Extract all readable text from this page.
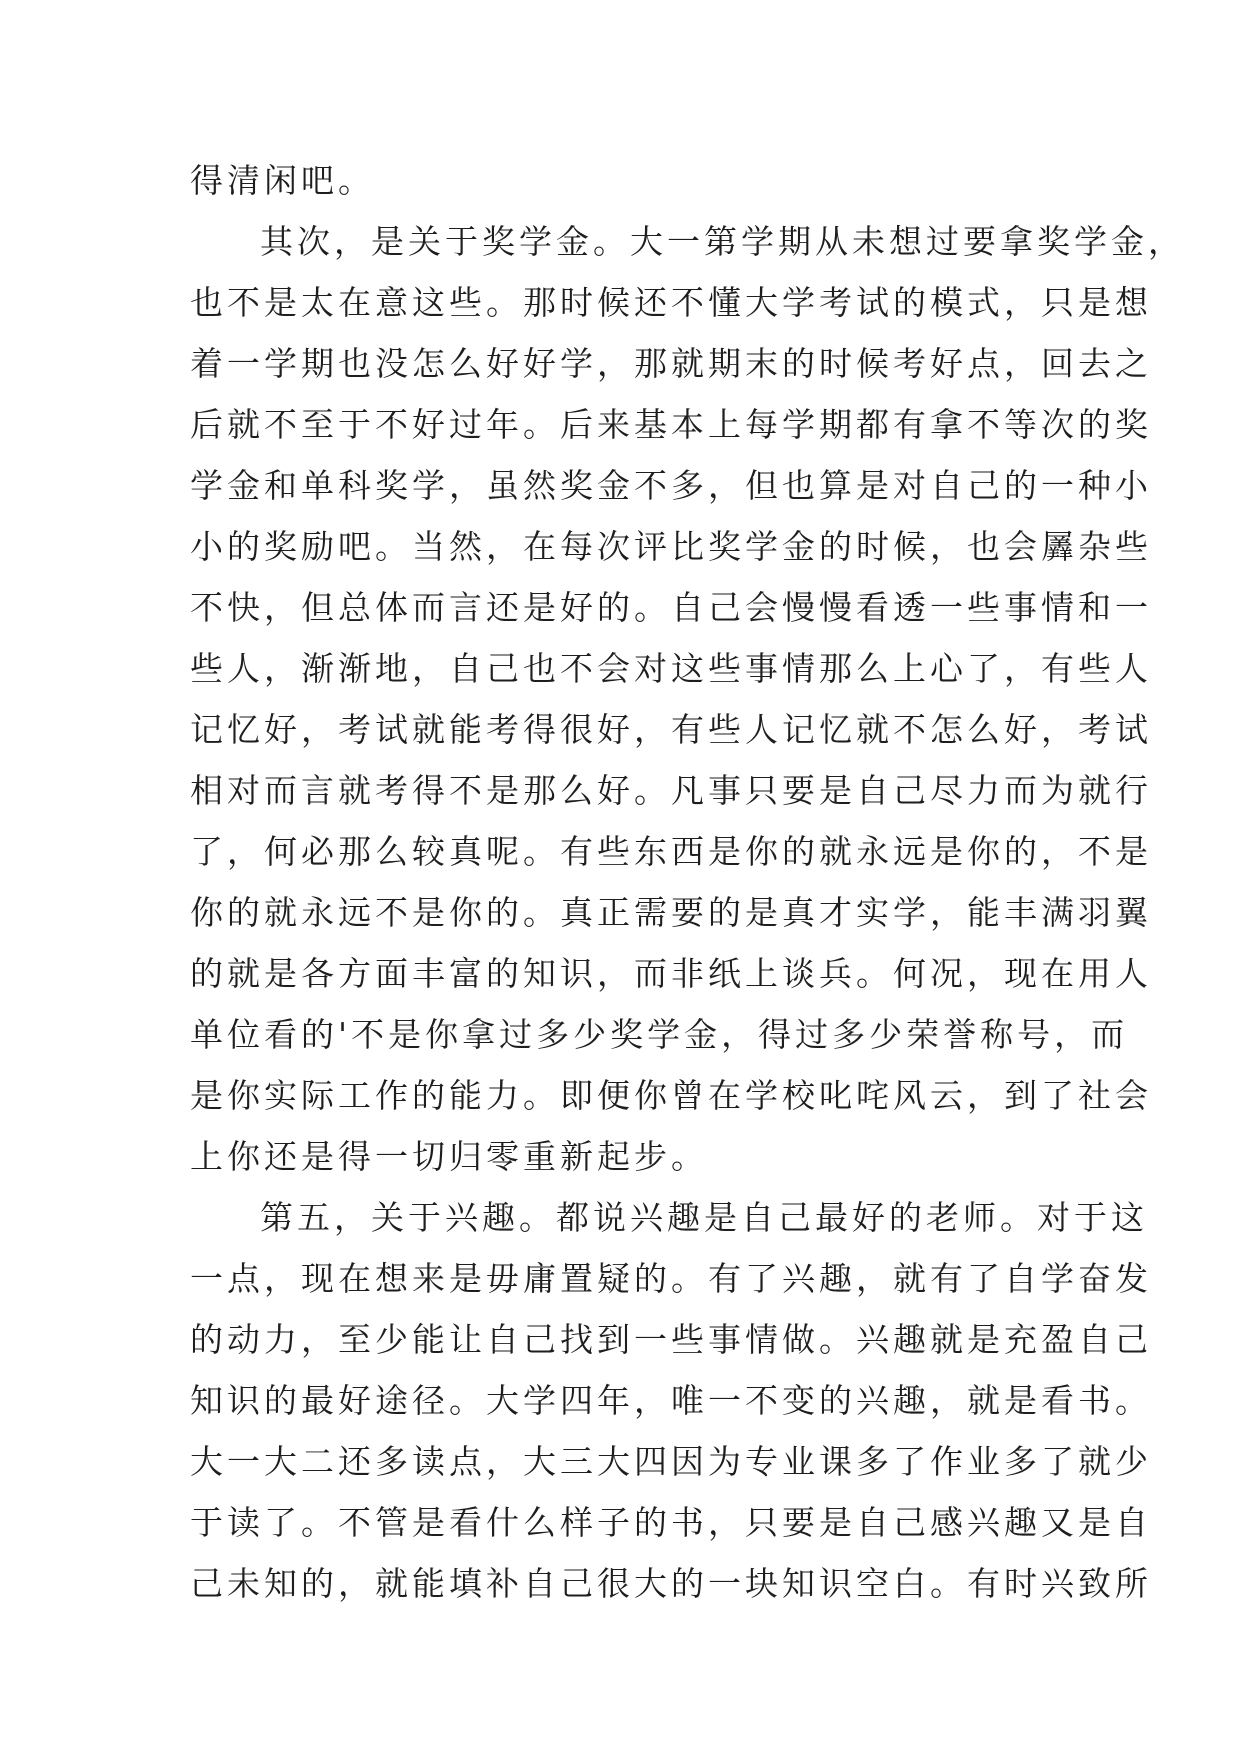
得清闲吧。
其次，是关于奖学金。大一第学期从未想过要拿奖学金，
也不是太在意这些。那时候还不懂大学考试的模式，只是想
着一学期也没怎么好好学，那就期末的时候考好点，回去之
后就不至于不好过年。后来基本上每学期都有拿不等次的奖
学金和单科奖学，虽然奖金不多，但也算是对自己的一种小
小的奖励吧。当然，在每次评比奖学金的时候，也会羼杂些
不快，但总体而言还是好的。自己会慢慢看透一些事情和一
些人，渐渐地，自己也不会对这些事情那么上心了，有些人
记忆好，考试就能考得很好，有些人记忆就不怎么好，考试
相对而言就考得不是那么好。凡事只要是自己尽力而为就行
了，何必那么较真呢。有些东西是你的就永远是你的，不是
你的就永远不是你的。真正需要的是真才实学，能丰满羽翼
的就是各方面丰富的知识，而非纸上谈兵。何况，现在用人
单位看的'不是你拿过多少奖学金，得过多少荣誉称号，而
是你实际工作的能力。即便你曾在学校叱咤风云，到了社会
上你还是得一切归零重新起步。
第五，关于兴趣。都说兴趣是自己最好的老师。对于这
一点，现在想来是毋庸置疑的。有了兴趣，就有了自学奋发
的动力，至少能让自己找到一些事情做。兴趣就是充盈自己
知识的最好途径。大学四年，唯一不变的兴趣，就是看书。
大一大二还多读点，大三大四因为专业课多了作业多了就少
于读了。不管是看什么样子的书，只要是自己感兴趣又是自
己未知的，就能填补自己很大的一块知识空白。有时兴致所
